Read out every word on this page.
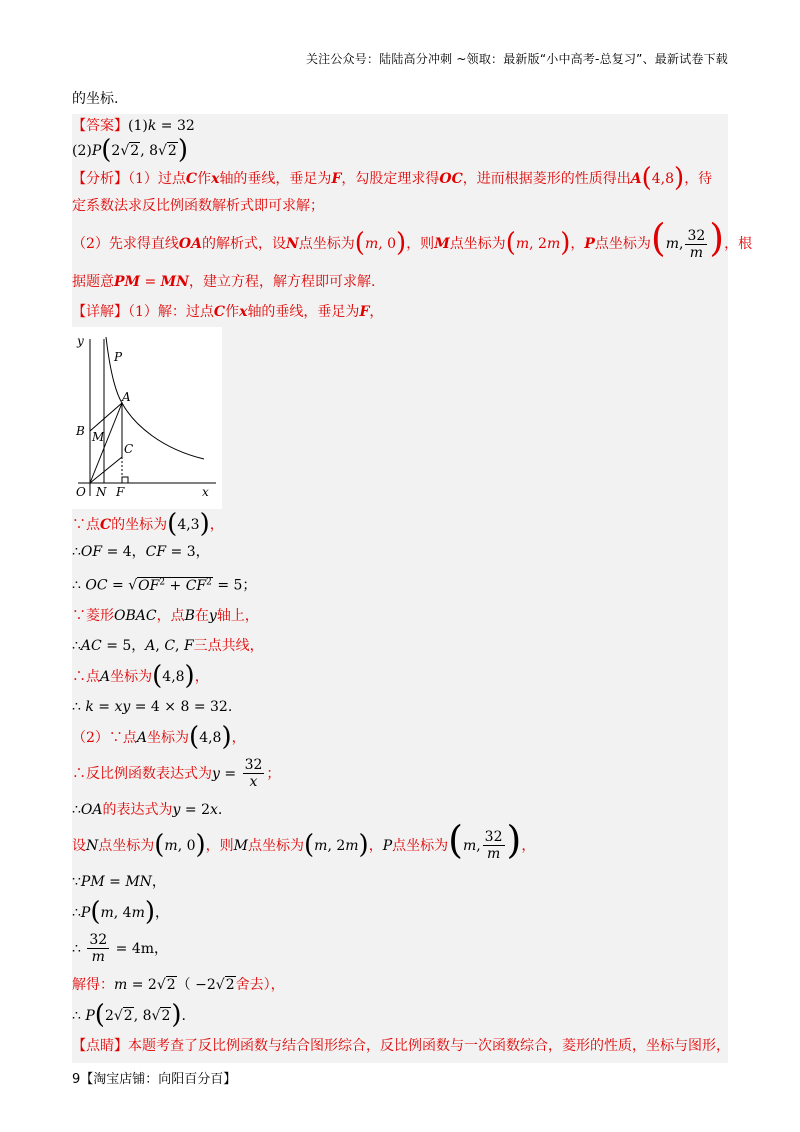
关注公众号：陆陆高分冲刺 ~领取：最新版“小中高考-总复习”、最新试卷下载
的坐标.
【答案】(1)k = 32
(2)P(2√2, 8√2)
【分析】（1）过点C作x轴的垂线，垂足为F，勾股定理求得OC，进而根据菱形的性质得出A(4,8)，待
定系数法求反比例函数解析式即可求解；
（2）先求得直线OA的解析式，设N点坐标为(m, 0)，则M点坐标为(m, 2m)，P点坐标为(m, $\frac{32}{m}$ )，根
据题意PM = MN，建立方程，解方程即可求解.
【详解】（1）解：过点C作x轴的垂线，垂足为F，
y
P
A
B M
C
O N F	x
∵点C的坐标为(4,3)，
∴OF = 4，CF = 3，
∴ OC = $√OF^2 + CF^2 = 5$；
∵菱形OBAC，点B在y轴上，
∴AC = 5，A, C, F三点共线，
∴点A坐标为(4,8)，
∴ k = xy = 4 × 8 = 32.
（2）∵点A坐标为(4,8)，
∴反比例函数表达式为$y = \frac{32}{x}$ ；
∴OA的表达式为y = 2x.
设N点坐标为(m, 0)，则M点坐标为(m, 2m)，P点坐标为(m, $\frac{32}{m}$ )，
∵PM = MN，
∴P(m, 4m)，
∴ $\frac{32}{m} = 4m$，
解得：m = 2√2（ −2√2舍去），
∴ P(2√2, 8√2).
【点睛】本题考查了反比例函数与结合图形综合，反比例函数与一次函数综合，菱形的性质，坐标与图形，
9【淘宝店铺：向阳百分百】
